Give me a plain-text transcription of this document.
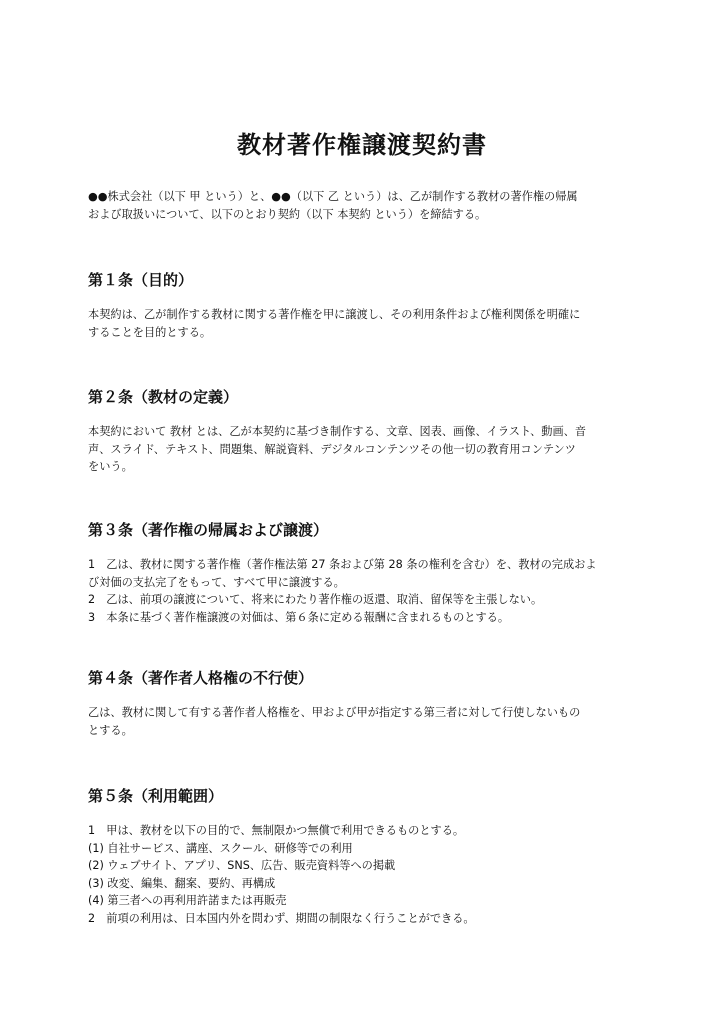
教材著作権譲渡契約書

●●株式会社（以下 甲 という）と、●●（以下 乙 という）は、乙が制作する教材の著作権の帰属

および取扱いについて、以下のとおり契約（以下 本契約 という）を締結する。

第１条（目的）

本契約は、乙が制作する教材に関する著作権を甲に譲渡し、その利用条件および権利関係を明確に

することを目的とする。

第２条（教材の定義）

本契約において 教材 とは、乙が本契約に基づき制作する、文章、図表、画像、イラスト、動画、音

声、スライド、テキスト、問題集、解説資料、デジタルコンテンツその他一切の教育用コンテンツ

をいう。

第３条（著作権の帰属および譲渡）

1　乙は、教材に関する著作権（著作権法第 27 条および第 28 条の権利を含む）を、教材の完成およ

び対価の支払完了をもって、すべて甲に譲渡する。

2　乙は、前項の譲渡について、将来にわたり著作権の返還、取消、留保等を主張しない。

3　本条に基づく著作権譲渡の対価は、第６条に定める報酬に含まれるものとする。

第４条（著作者人格権の不行使）

乙は、教材に関して有する著作者人格権を、甲および甲が指定する第三者に対して行使しないもの

とする。

第５条（利用範囲）

1　甲は、教材を以下の目的で、無制限かつ無償で利用できるものとする。

(1) 自社サービス、講座、スクール、研修等での利用

(2) ウェブサイト、アプリ、SNS、広告、販売資料等への掲載

(3) 改変、編集、翻案、要約、再構成

(4) 第三者への再利用許諾または再販売

2　前項の利用は、日本国内外を問わず、期間の制限なく行うことができる。
